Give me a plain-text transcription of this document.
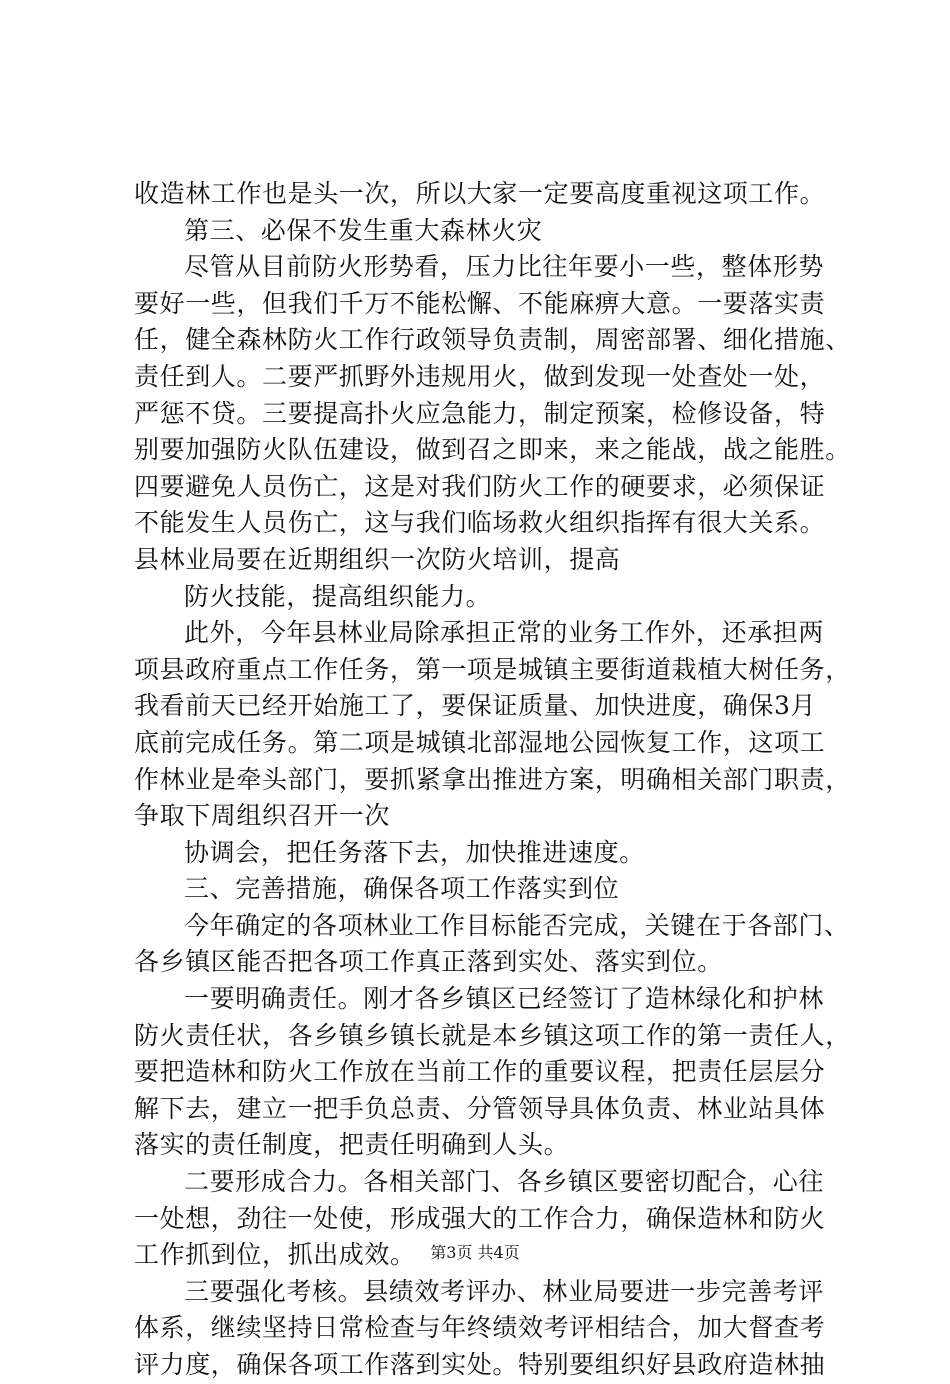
收造林工作也是头一次，所以大家一定要高度重视这项工作。
第三、必保不发生重大森林火灾
尽管从目前防火形势看，压力比往年要小一些，整体形势
要好一些，但我们千万不能松懈、不能麻痹大意。一要落实责
任，健全森林防火工作行政领导负责制，周密部署、细化措施、
责任到人。二要严抓野外违规用火，做到发现一处查处一处，
严惩不贷。三要提高扑火应急能力，制定预案，检修设备，特
别要加强防火队伍建设，做到召之即来，来之能战，战之能胜。
四要避免人员伤亡，这是对我们防火工作的硬要求，必须保证
不能发生人员伤亡，这与我们临场救火组织指挥有很大关系。
县林业局要在近期组织一次防火培训，提高
防火技能，提高组织能力。
此外，今年县林业局除承担正常的业务工作外，还承担两
项县政府重点工作任务，第一项是城镇主要街道栽植大树任务，
我看前天已经开始施工了，要保证质量、加快进度，确保3月
底前完成任务。第二项是城镇北部湿地公园恢复工作，这项工
作林业是牵头部门，要抓紧拿出推进方案，明确相关部门职责，
争取下周组织召开一次
协调会，把任务落下去，加快推进速度。
三、完善措施，确保各项工作落实到位
今年确定的各项林业工作目标能否完成，关键在于各部门、
各乡镇区能否把各项工作真正落到实处、落实到位。
一要明确责任。刚才各乡镇区已经签订了造林绿化和护林
防火责任状，各乡镇乡镇长就是本乡镇这项工作的第一责任人，
要把造林和防火工作放在当前工作的重要议程，把责任层层分
解下去，建立一把手负总责、分管领导具体负责、林业站具体
落实的责任制度，把责任明确到人头。
二要形成合力。各相关部门、各乡镇区要密切配合，心往
一处想，劲往一处使，形成强大的工作合力，确保造林和防火
工作抓到位，抓出成效。
三要强化考核。县绩效考评办、林业局要进一步完善考评
体系，继续坚持日常检查与年终绩效考评相结合，加大督查考
评力度，确保各项工作落到实处。特别要组织好县政府造林抽
第3页 共4页
